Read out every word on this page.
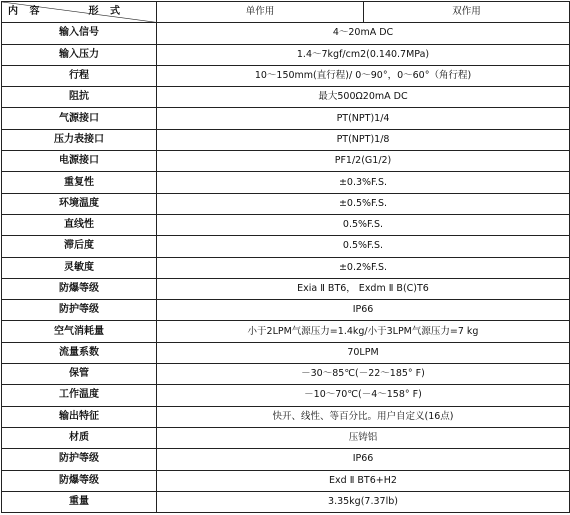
形 式
内 容	单作用	双作用
输入信号	4～20mA DC	
输入压力	1.4～7kgf/cm2(0.140.7MPa)	
行程	10～150mm(直行程)/ 0～90°，0～60°（角行程)	
阻抗	最大500Ω20mA DC	
气源接口	PT(NPT)1/4	
压力表接口	PT(NPT)1/8	
电源接口	PF1/2(G1/2)	
重复性	±0.3%F.S.	
环境温度	±0.5%F.S.	
直线性	0.5%F.S.	
滞后度	0.5%F.S.	
灵敏度	±0.2%F.S.	
防爆等级	Exia Ⅱ BT6， Exdm Ⅱ B(C)T6	
防护等级	IP66	
空气消耗量	小于2LPM气源压力=1.4kg/小于3LPM气源压力=7 kg	
流量系数	70LPM	
保管	－30～85℃(－22～185° F)	
工作温度	－10～70℃(－4～158° F)	
输出特征	快开、线性、等百分比。用户自定义(16点)	
材质	压铸铝	
防护等级	IP66	
防爆等级	Exd Ⅱ BT6+H2	
重量	3.35kg(7.37lb)	
